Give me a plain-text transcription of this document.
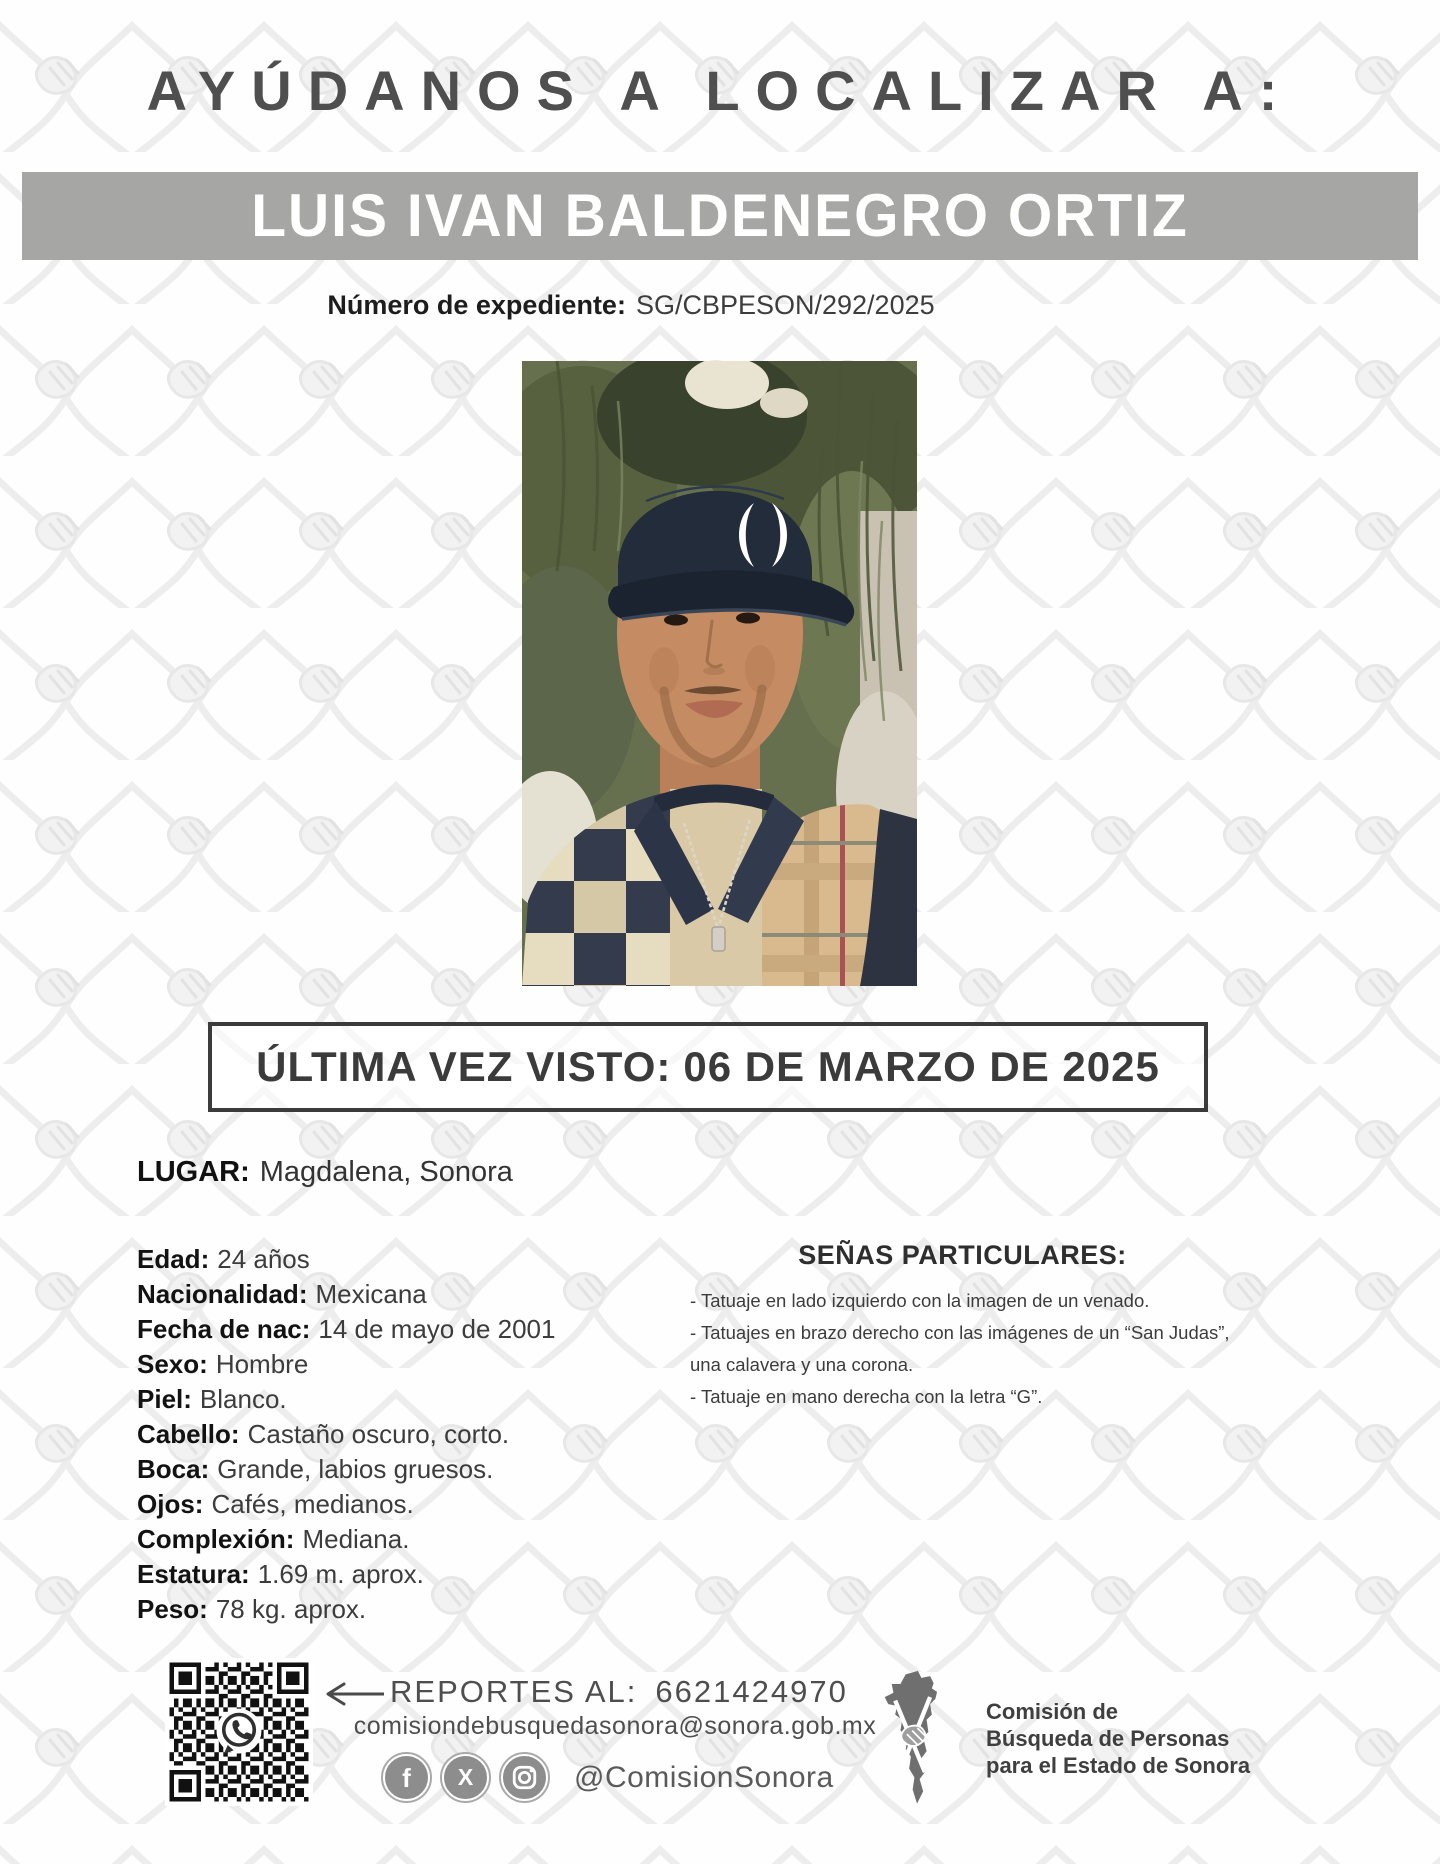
AYÚDANOS A LOCALIZAR A:
LUIS IVAN BALDENEGRO ORTIZ
Número de expediente: SG/CBPESON/292/2025
ÚLTIMA VEZ VISTO: 06 DE MARZO DE 2025
LUGAR: Magdalena, Sonora
Edad: 24 años
Nacionalidad: Mexicana
Fecha de nac: 14 de mayo de 2001
Sexo: Hombre
Piel: Blanco.
Cabello: Castaño oscuro, corto.
Boca: Grande, labios gruesos.
Ojos: Cafés, medianos.
Complexión: Mediana.
Estatura: 1.69 m. aprox.
Peso: 78 kg. aprox.
SEÑAS PARTICULARES:
- Tatuaje en lado izquierdo con la imagen de un venado.
- Tatuajes en brazo derecho con las imágenes de un “San Judas”, una calavera y una corona.
- Tatuaje en mano derecha con la letra “G”.
REPORTES AL: 6621424970
comisiondebusquedasonora@sonora.gob.mx
f X	@ComisionSonora
Comisión de
Búsqueda de Personas
para el Estado de Sonora
